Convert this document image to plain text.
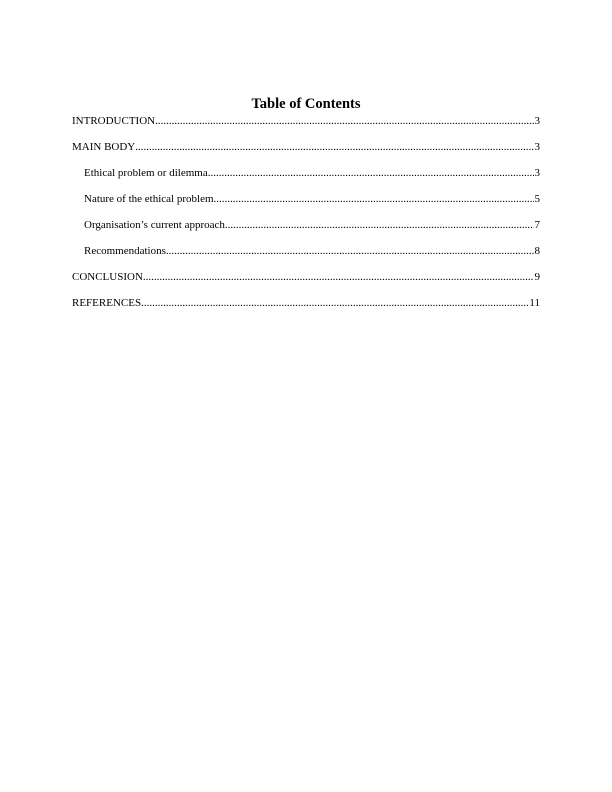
Table of Contents
INTRODUCTION .....	3
MAIN BODY .....	3
Ethical problem or dilemma .....	3
Nature of the ethical problem .....	5
Organisation’s current approach .....	7
Recommendations .....	8
CONCLUSION .....	9
REFERENCES .....	11
